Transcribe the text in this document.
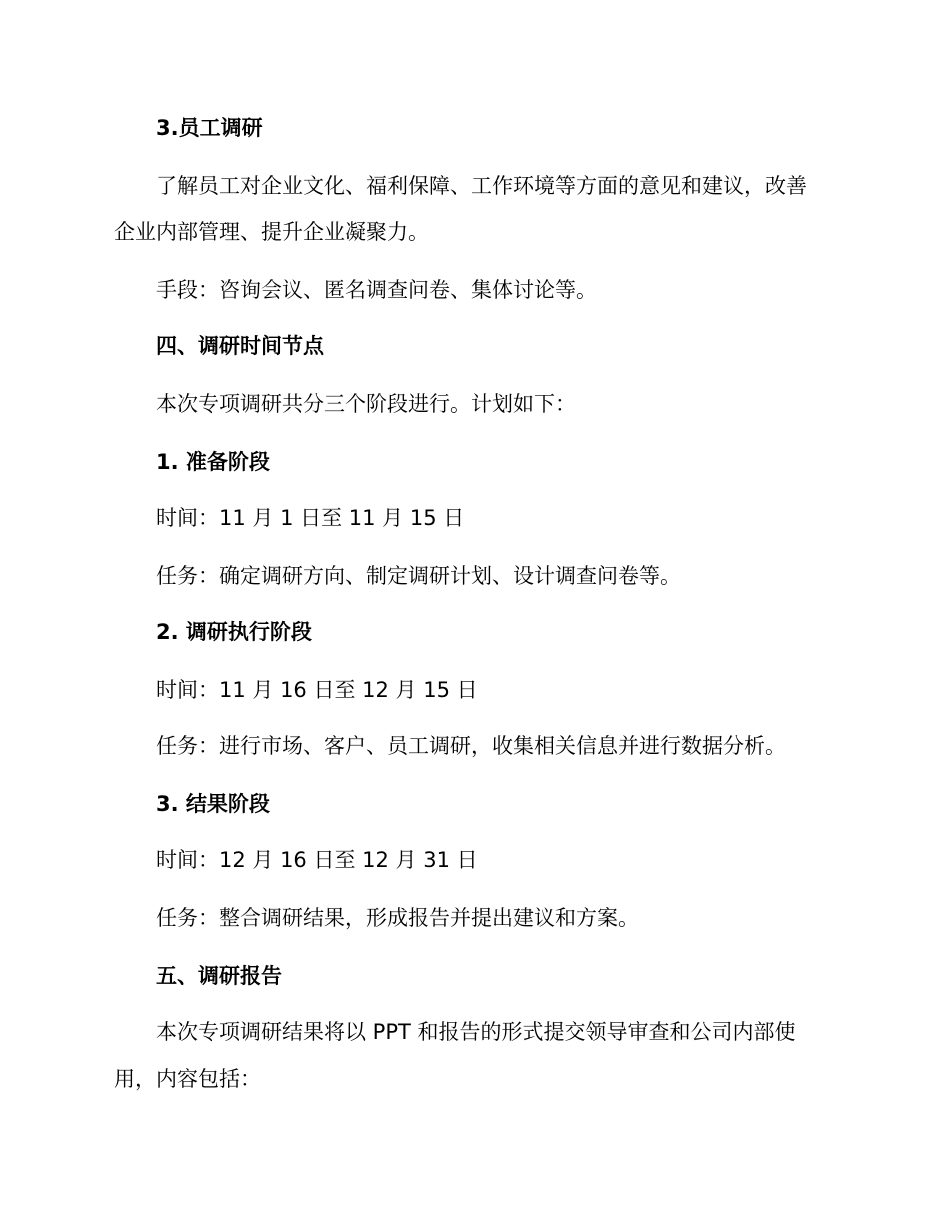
3.员工调研
了解员工对企业文化、福利保障、工作环境等方面的意见和建议，改善
企业内部管理、提升企业凝聚力。
手段：咨询会议、匿名调查问卷、集体讨论等。
四、调研时间节点
本次专项调研共分三个阶段进行。计划如下：
1. 准备阶段
时间：11 月 1 日至 11 月 15 日
任务：确定调研方向、制定调研计划、设计调查问卷等。
2. 调研执行阶段
时间：11 月 16 日至 12 月 15 日
任务：进行市场、客户、员工调研，收集相关信息并进行数据分析。
3. 结果阶段
时间：12 月 16 日至 12 月 31 日
任务：整合调研结果，形成报告并提出建议和方案。
五、调研报告
本次专项调研结果将以 PPT 和报告的形式提交领导审查和公司内部使
用，内容包括：
